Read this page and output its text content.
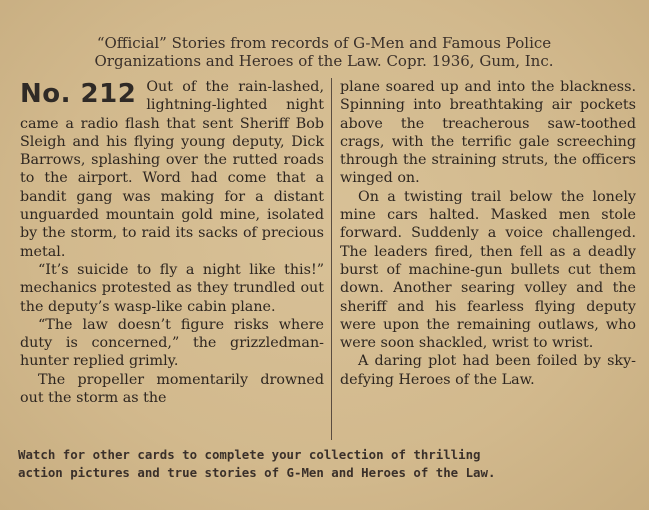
“Official” Stories from records of G-Men and Famous Police
Organizations and Heroes of the Law. Copr. 1936, Gum, Inc.
No. 212 Out of the rain-lashed, lightning-lighted night came a radio flash that sent Sheriff Bob Sleigh and his flying young deputy, Dick Barrows, splashing over the rutted roads to the airport. Word had come that a bandit gang was making for a distant unguarded mountain gold mine, isolated by the storm, to raid its sacks of precious metal.

“It’s suicide to fly a night like this!” mechanics protested as they trundled out the deputy’s wasp-like cabin plane.

“The law doesn’t figure risks where duty is concerned,” the grizzledman-hunter replied grimly.

The propeller momentarily drowned out the storm as the

plane soared up and into the blackness. Spinning into breathtaking air pockets above the treacherous saw-toothed crags, with the terrific gale screeching through the straining struts, the officers winged on.

On a twisting trail below the lonely mine cars halted. Masked men stole forward. Suddenly a voice challenged. The leaders fired, then fell as a deadly burst of machine-gun bullets cut them down. Another searing volley and the sheriff and his fearless flying deputy were upon the remaining outlaws, who were soon shackled, wrist to wrist.

A daring plot had been foiled by sky-defying Heroes of the Law.

Watch for other cards to complete your collection of thrilling
action pictures and true stories of G-Men and Heroes of the Law.
